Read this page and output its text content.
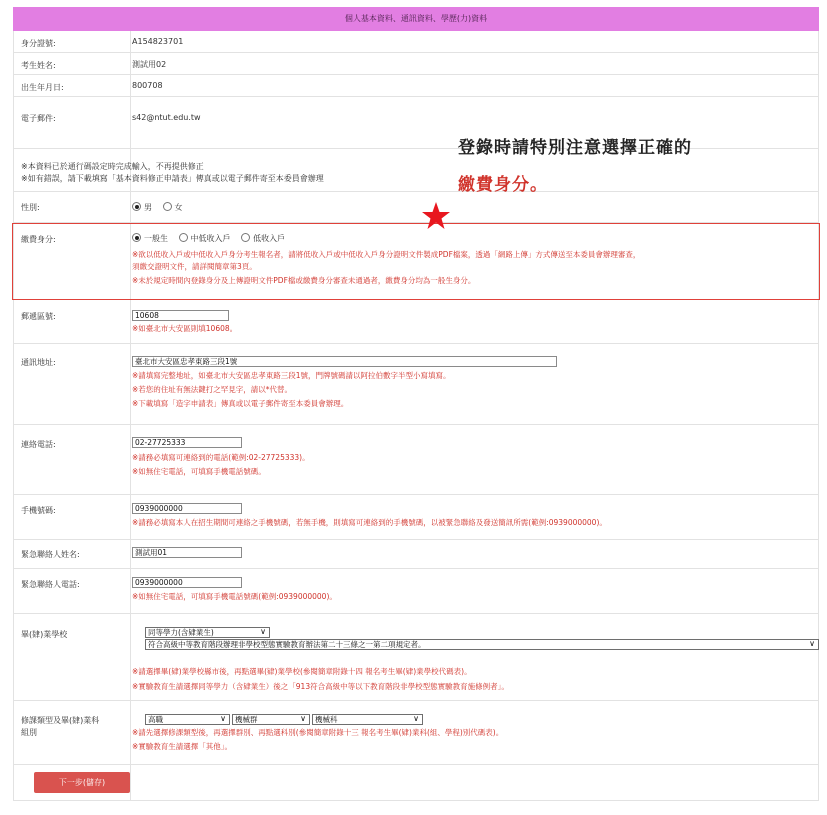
個人基本資料、通訊資料、學歷(力)資料
身分證號:	A154823701
考生姓名:	測試用02
出生年月日:	800708
電子郵件:	s42@ntut.edu.tw
※本資料已於通行碼設定時完成輸入，不再提供修正
※如有錯誤，請下載填寫「基本資料修正申請表」傳真或以電子郵件寄至本委員會辦理
登錄時請特別注意選擇正確的
繳費身分。
性別:	男	女
繳費身分:	一般生	中低收入戶	低收入戶
※欲以低收入戶或中低收入戶身分考生報名者，請將低收入戶或中低收入戶身分證明文件製成PDF檔案，透過「網路上傳」方式傳送至本委員會辦理審查，
須繳交證明文件，請詳閱簡章第3頁。
※未於規定時間內登錄身分及上傳證明文件PDF檔或繳費身分審查未通過者，繳費身分均為一般生身分。
郵遞區號:	10608
※如臺北市大安區則填10608。
通訊地址:	臺北市大安區忠孝東路三段1號
※請填寫完整地址，如臺北市大安區忠孝東路三段1號，門牌號碼請以阿拉伯數字半型小寫填寫。
※若您的住址有無法鍵打之罕見字，請以*代替。
※下載填寫「造字申請表」傳真或以電子郵件寄至本委員會辦理。
連絡電話:	02-27725333
※請務必填寫可連絡到的電話(範例:02-27725333)。
※如無住宅電話，可填寫手機電話號碼。
手機號碼:	0939000000
※請務必填寫本人在招生期間可連絡之手機號碼，若無手機，則填寫可連絡到的手機號碼，以被緊急聯絡及發送簡訊所需(範例:0939000000)。
緊急聯絡人姓名:	測試用01
緊急聯絡人電話:	0939000000
※如無住宅電話，可填寫手機電話號碼(範例:0939000000)。
畢(肄)業學校	同等學力(含肄業生)	∨
符合高級中等教育階段辦理非學校型態實驗教育辦法第二十三條之一第二項規定者。	∨
※請選擇畢(肄)業學校縣市後，再點選畢(肄)業學校(參閱簡章附錄十四 報名考生畢(肄)業學校代碼表)。
※實驗教育生請選擇同等學力（含肄業生）後之「913符合高級中等以下教育階段非學校型態實驗教育施條例者」。
修課類型及畢(肄)業科
組別
高職	∨	機械群	∨	機械科	∨
※請先選擇修課類型後，再選擇群別、再點選科別(參閱簡章附錄十三 報名考生畢(肄)業科(組、學程)別代碼表)。
※實驗教育生請選擇「其他」。
下一步(儲存)
